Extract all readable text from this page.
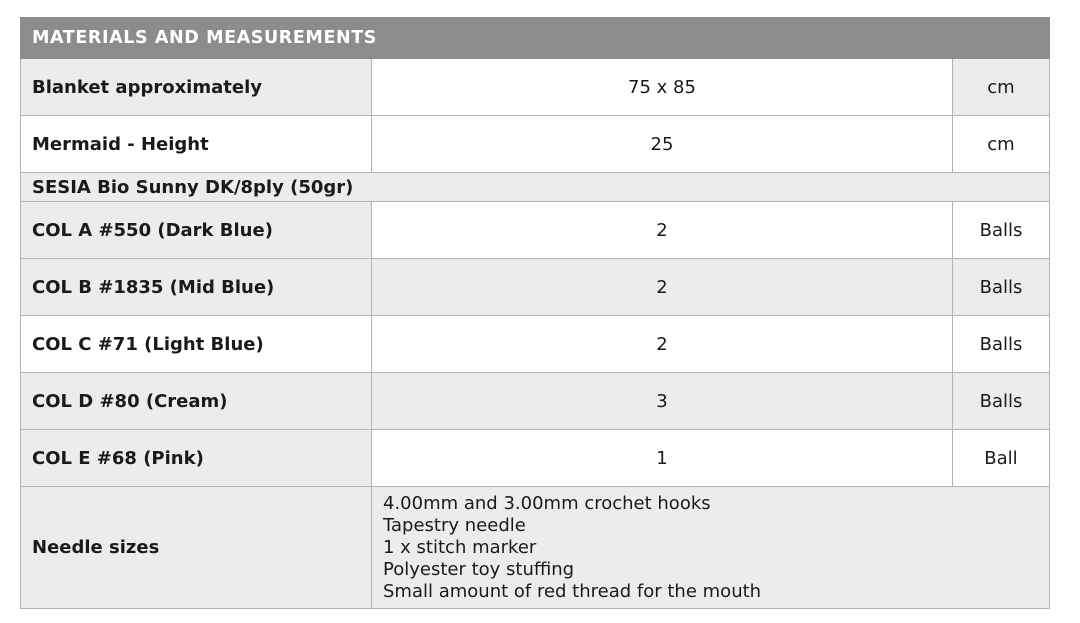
MATERIALS AND MEASUREMENTS		
Blanket approximately	75 x 85	cm
Mermaid - Height	25	cm
SESIA Bio Sunny DK/8ply (50gr)		
COL A #550 (Dark Blue)	2	Balls
COL B #1835 (Mid Blue)	2	Balls
COL C #71 (Light Blue)	2	Balls
COL D #80 (Cream)	3	Balls
COL E #68 (Pink)	1	Ball
Needle sizes	4.00mm and 3.00mm crochet hooks
Tapestry needle
1 x stitch marker
Polyester toy stuffing
Small amount of red thread for the mouth	
